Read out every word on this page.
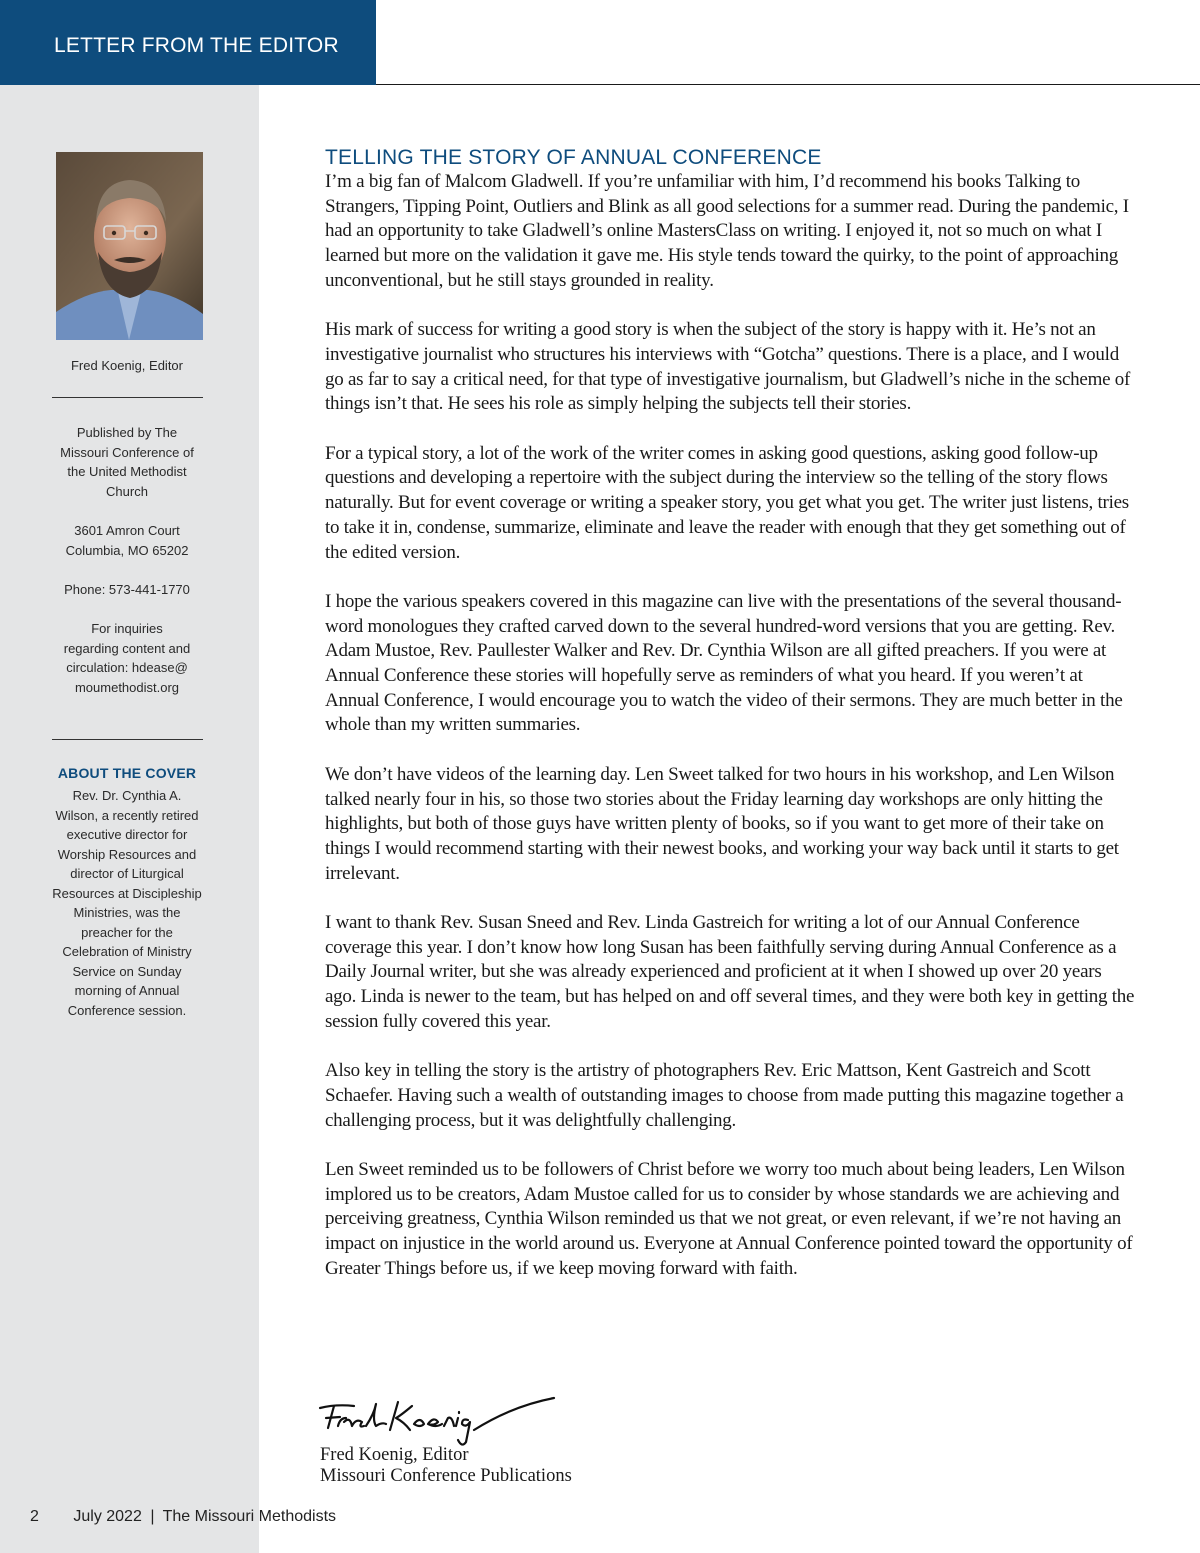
LETTER FROM THE EDITOR
Fred Koenig, Editor
Published by The Missouri Conference of the United Methodist Church
3601 Amron Court
Columbia, MO 65202
Phone: 573-441-1770
For inquiries regarding content and circulation: hdease@ moumethodist.org
ABOUT THE COVER
Rev. Dr. Cynthia A. Wilson, a recently retired executive director for Worship Resources and director of Liturgical Resources at Discipleship Ministries, was the preacher for the Celebration of Ministry Service on Sunday morning of Annual Conference session.
TELLING THE STORY OF ANNUAL CONFERENCE

I’m a big fan of Malcom Gladwell. If you’re unfamiliar with him, I’d recommend his books Talking to Strangers, Tipping Point, Outliers and Blink as all good selections for a summer read. During the pandemic, I had an opportunity to take Gladwell’s online MastersClass on writing. I enjoyed it, not so much on what I learned but more on the validation it gave me. His style tends toward the quirky, to the point of approaching unconventional, but he still stays grounded in reality.

His mark of success for writing a good story is when the subject of the story is happy with it. He’s not an investigative journalist who structures his interviews with “Gotcha” questions. There is a place, and I would go as far to say a critical need, for that type of investigative journalism, but Gladwell’s niche in the scheme of things isn’t that. He sees his role as simply helping the subjects tell their stories.

For a typical story, a lot of the work of the writer comes in asking good questions, asking good follow-up questions and developing a repertoire with the subject during the interview so the telling of the story flows naturally. But for event coverage or writing a speaker story, you get what you get. The writer just listens, tries to take it in, condense, summarize, eliminate and leave the reader with enough that they get something out of the edited version.

I hope the various speakers covered in this magazine can live with the presentations of the several thousand-word monologues they crafted carved down to the several hundred-word versions that you are getting. Rev. Adam Mustoe, Rev. Paullester Walker and Rev. Dr. Cynthia Wilson are all gifted preachers. If you were at Annual Conference these stories will hopefully serve as reminders of what you heard. If you weren’t at Annual Conference, I would encourage you to watch the video of their sermons. They are much better in the whole than my written summaries.

We don’t have videos of the learning day. Len Sweet talked for two hours in his workshop, and Len Wilson talked nearly four in his, so those two stories about the Friday learning day workshops are only hitting the highlights, but both of those guys have written plenty of books, so if you want to get more of their take on things I would recommend starting with their newest books, and working your way back until it starts to get irrelevant.

I want to thank Rev. Susan Sneed and Rev. Linda Gastreich for writing a lot of our Annual Conference coverage this year. I don’t know how long Susan has been faithfully serving during Annual Conference as a Daily Journal writer, but she was already experienced and proficient at it when I showed up over 20 years ago. Linda is newer to the team, but has helped on and off several times, and they were both key in getting the session fully covered this year.

Also key in telling the story is the artistry of photographers Rev. Eric Mattson, Kent Gastreich and Scott Schaefer. Having such a wealth of outstanding images to choose from made putting this magazine together a challenging process, but it was delightfully challenging.

Len Sweet reminded us to be followers of Christ before we worry too much about being leaders, Len Wilson implored us to be creators, Adam Mustoe called for us to consider by whose standards we are achieving and perceiving greatness, Cynthia Wilson reminded us that we not great, or even relevant, if we’re not having an impact on injustice in the world around us. Everyone at Annual Conference pointed toward the opportunity of Greater Things before us, if we keep moving forward with faith.

Fred Koenig, Editor
Missouri Conference Publications
2 July 2022 | The Missouri Methodists
